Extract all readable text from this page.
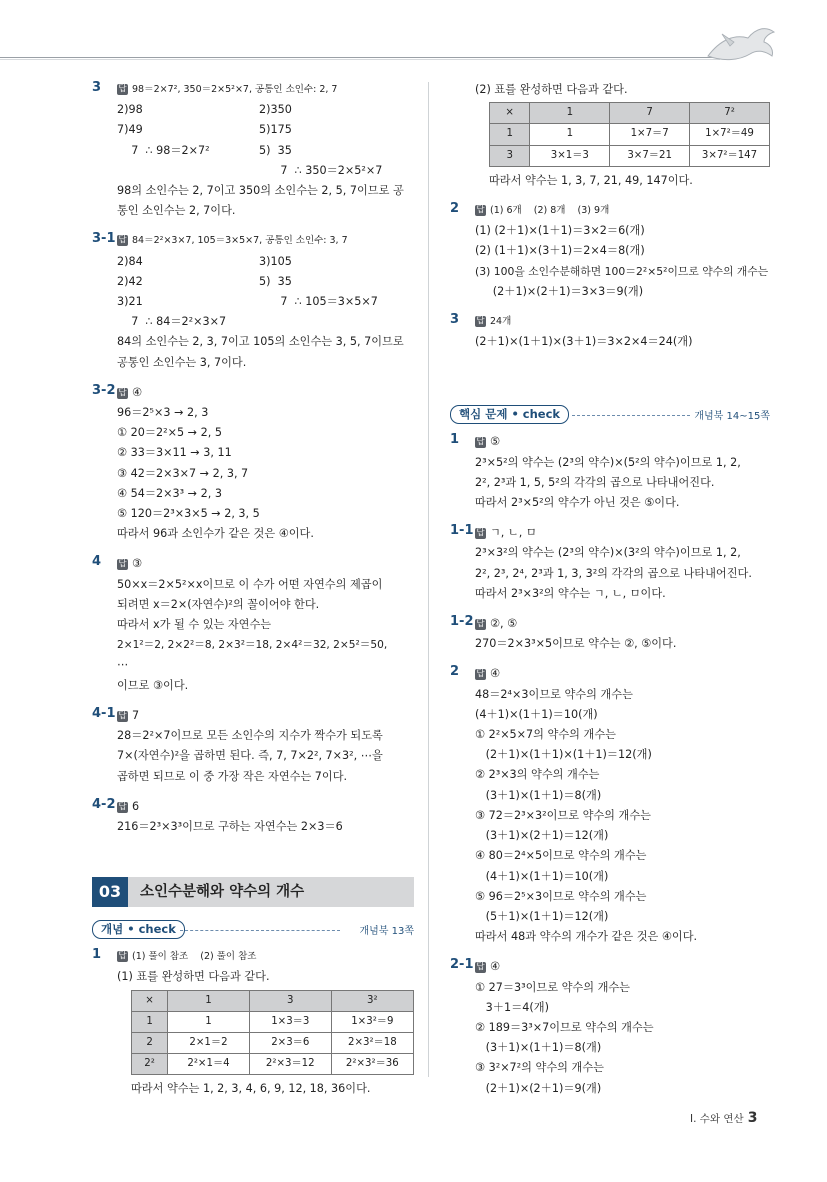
3 답 98＝2×7², 350＝2×5²×7, 공통인 소인수: 2, 7
2)98
7)49
7  ∴ 98＝2×7²
2)350
5)175
5)  35
7  ∴ 350＝2×5²×7
98의 소인수는 2, 7이고 350의 소인수는 2, 5, 7이므로 공
통인 소인수는 2, 7이다.
3-1 답 84＝2²×3×7, 105＝3×5×7, 공통인 소인수: 3, 7
2)84
2)42
3)21
7  ∴ 84＝2²×3×7
3)105
5)  35
7  ∴ 105＝3×5×7
84의 소인수는 2, 3, 7이고 105의 소인수는 3, 5, 7이므로
공통인 소인수는 3, 7이다.
3-2 답 ④
96＝2⁵×3 → 2, 3
① 20＝2²×5 → 2, 5
② 33＝3×11 → 3, 11
③ 42＝2×3×7 → 2, 3, 7
④ 54＝2×3³ → 2, 3
⑤ 120＝2³×3×5 → 2, 3, 5
따라서 96과 소인수가 같은 것은 ④이다.
4 답 ③
50×x＝2×5²×x이므로 이 수가 어떤 자연수의 제곱이
되려면 x＝2×(자연수)²의 꼴이어야 한다.
따라서 x가 될 수 있는 자연수는
2×1²＝2, 2×2²＝8, 2×3²＝18, 2×4²＝32, 2×5²＝50,
⋯
이므로 ③이다.
4-1 답 7
28＝2²×7이므로 모든 소인수의 지수가 짝수가 되도록
7×(자연수)²을 곱하면 된다. 즉, 7, 7×2², 7×3², ⋯을
곱하면 되므로 이 중 가장 작은 자연수는 7이다.
4-2 답 6
216＝2³×3³이므로 구하는 자연수는 2×3＝6
03	소인수분해와 약수의 개수
개념 • check	개념북 13쪽
1 답 (1) 풀이 참조    (2) 풀이 참조
(1) 표를 완성하면 다음과 같다.
×	1	3	3²
1	1	1×3＝3	1×3²＝9
2	2×1＝2	2×3＝6	2×3²＝18
2²	2²×1＝4	2²×3＝12	2²×3²＝36
따라서 약수는 1, 2, 3, 4, 6, 9, 12, 18, 36이다.
(2) 표를 완성하면 다음과 같다.
×	1	7	7²
1	1	1×7＝7	1×7²＝49
3	3×1＝3	3×7＝21	3×7²＝147
따라서 약수는 1, 3, 7, 21, 49, 147이다.
2 답 (1) 6개    (2) 8개    (3) 9개
(1) (2＋1)×(1＋1)＝3×2＝6(개)
(2) (1＋1)×(3＋1)＝2×4＝8(개)
(3) 100을 소인수분해하면 100＝2²×5²이므로 약수의 개수는
(2＋1)×(2＋1)＝3×3＝9(개)
3 답 24개
(2＋1)×(1＋1)×(3＋1)＝3×2×4＝24(개)
핵심 문제 • check	개념북 14~15쪽
1 답 ⑤
2³×5²의 약수는 (2³의 약수)×(5²의 약수)이므로 1, 2,
2², 2³과 1, 5, 5²의 각각의 곱으로 나타내어진다.
따라서 2³×5²의 약수가 아닌 것은 ⑤이다.
1-1 답 ㄱ, ㄴ, ㅁ
2³×3²의 약수는 (2³의 약수)×(3²의 약수)이므로 1, 2,
2², 2³, 2⁴, 2³과 1, 3, 3²의 각각의 곱으로 나타내어진다.
따라서 2³×3²의 약수는 ㄱ, ㄴ, ㅁ이다.
1-2 답 ②, ⑤
270＝2×3³×5이므로 약수는 ②, ⑤이다.
2 답 ④
48＝2⁴×3이므로 약수의 개수는
(4＋1)×(1＋1)＝10(개)
① 2²×5×7의 약수의 개수는
(2＋1)×(1＋1)×(1＋1)＝12(개)
② 2³×3의 약수의 개수는
(3＋1)×(1＋1)＝8(개)
③ 72＝2³×3²이므로 약수의 개수는
(3＋1)×(2＋1)＝12(개)
④ 80＝2⁴×5이므로 약수의 개수는
(4＋1)×(1＋1)＝10(개)
⑤ 96＝2⁵×3이므로 약수의 개수는
(5＋1)×(1＋1)＝12(개)
따라서 48과 약수의 개수가 같은 것은 ④이다.
2-1 답 ④
① 27＝3³이므로 약수의 개수는
3＋1＝4(개)
② 189＝3³×7이므로 약수의 개수는
(3＋1)×(1＋1)＝8(개)
③ 3²×7²의 약수의 개수는
(2＋1)×(2＋1)＝9(개)
Ⅰ. 수와 연산 3
